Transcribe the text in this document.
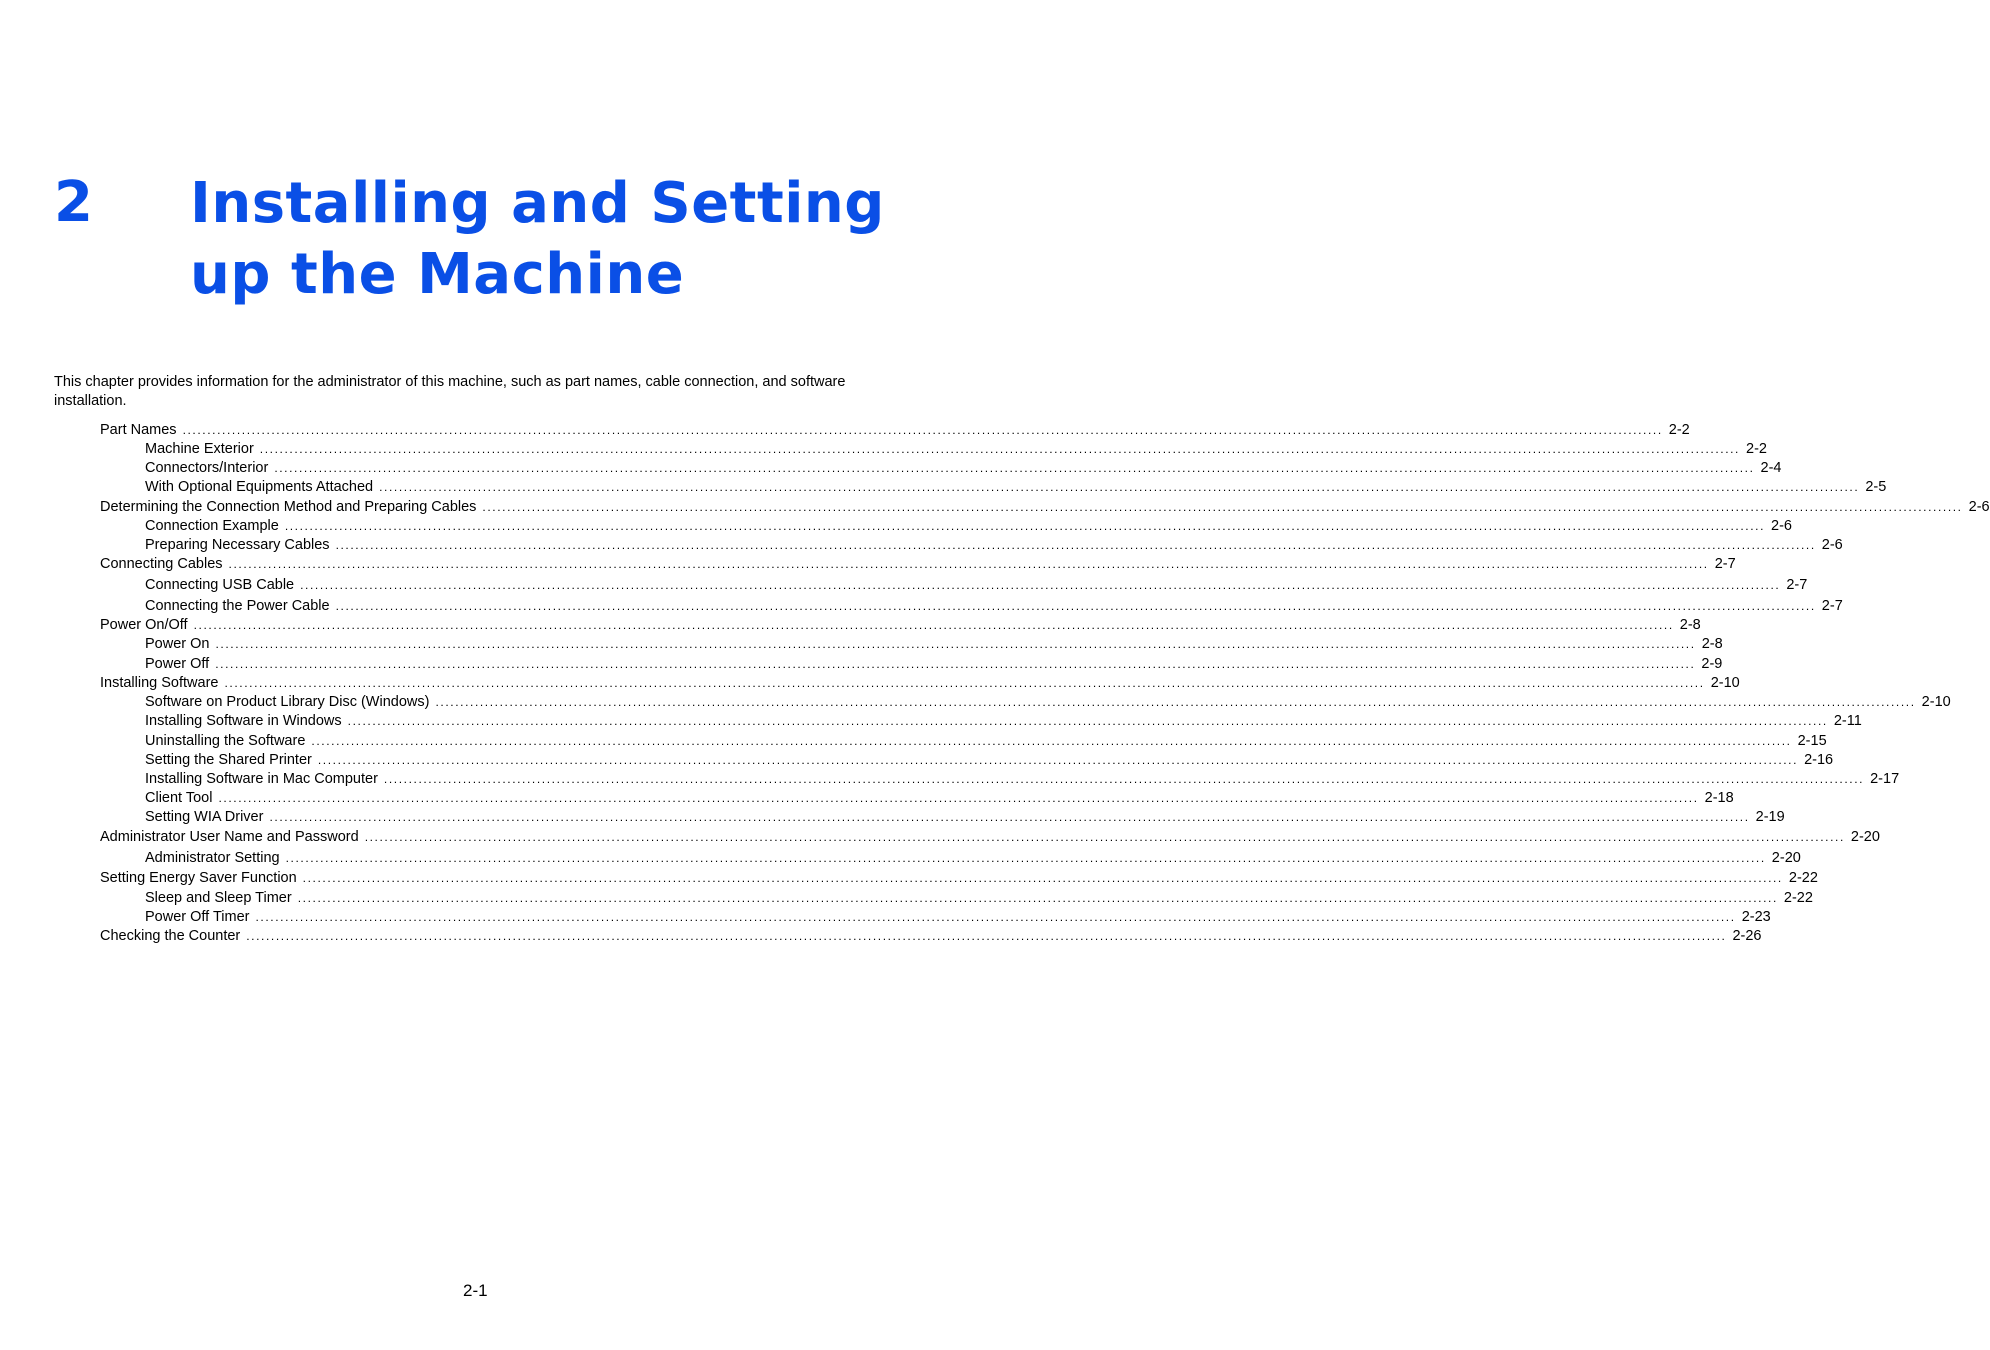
2 Installing and Setting
up the Machine
This chapter provides information for the administrator of this machine, such as part names, cable connection, and software installation.
Part Names ............................................................................................................................................................................................................................................................................................................ 2-2
Machine Exterior ............................................................................................................................................................................................................................................................................................................ 2-2
Connectors/Interior ............................................................................................................................................................................................................................................................................................................ 2-4
With Optional Equipments Attached ............................................................................................................................................................................................................................................................................................................ 2-5
Determining the Connection Method and Preparing Cables ............................................................................................................................................................................................................................................................................................................ 2-6
Connection Example ............................................................................................................................................................................................................................................................................................................ 2-6
Preparing Necessary Cables ............................................................................................................................................................................................................................................................................................................ 2-6
Connecting Cables ............................................................................................................................................................................................................................................................................................................ 2-7
Connecting USB Cable ............................................................................................................................................................................................................................................................................................................ 2-7
Connecting the Power Cable ............................................................................................................................................................................................................................................................................................................ 2-7
Power On/Off ............................................................................................................................................................................................................................................................................................................ 2-8
Power On ............................................................................................................................................................................................................................................................................................................ 2-8
Power Off ............................................................................................................................................................................................................................................................................................................ 2-9
Installing Software ............................................................................................................................................................................................................................................................................................................ 2-10
Software on Product Library Disc (Windows) ............................................................................................................................................................................................................................................................................................................ 2-10
Installing Software in Windows ............................................................................................................................................................................................................................................................................................................ 2-11
Uninstalling the Software ............................................................................................................................................................................................................................................................................................................ 2-15
Setting the Shared Printer ............................................................................................................................................................................................................................................................................................................ 2-16
Installing Software in Mac Computer ............................................................................................................................................................................................................................................................................................................ 2-17
Client Tool ............................................................................................................................................................................................................................................................................................................ 2-18
Setting WIA Driver ............................................................................................................................................................................................................................................................................................................ 2-19
Administrator User Name and Password ............................................................................................................................................................................................................................................................................................................ 2-20
Administrator Setting ............................................................................................................................................................................................................................................................................................................ 2-20
Setting Energy Saver Function ............................................................................................................................................................................................................................................................................................................ 2-22
Sleep and Sleep Timer ............................................................................................................................................................................................................................................................................................................ 2-22
Power Off Timer ............................................................................................................................................................................................................................................................................................................ 2-23
Checking the Counter ............................................................................................................................................................................................................................................................................................................ 2-26
2-1
